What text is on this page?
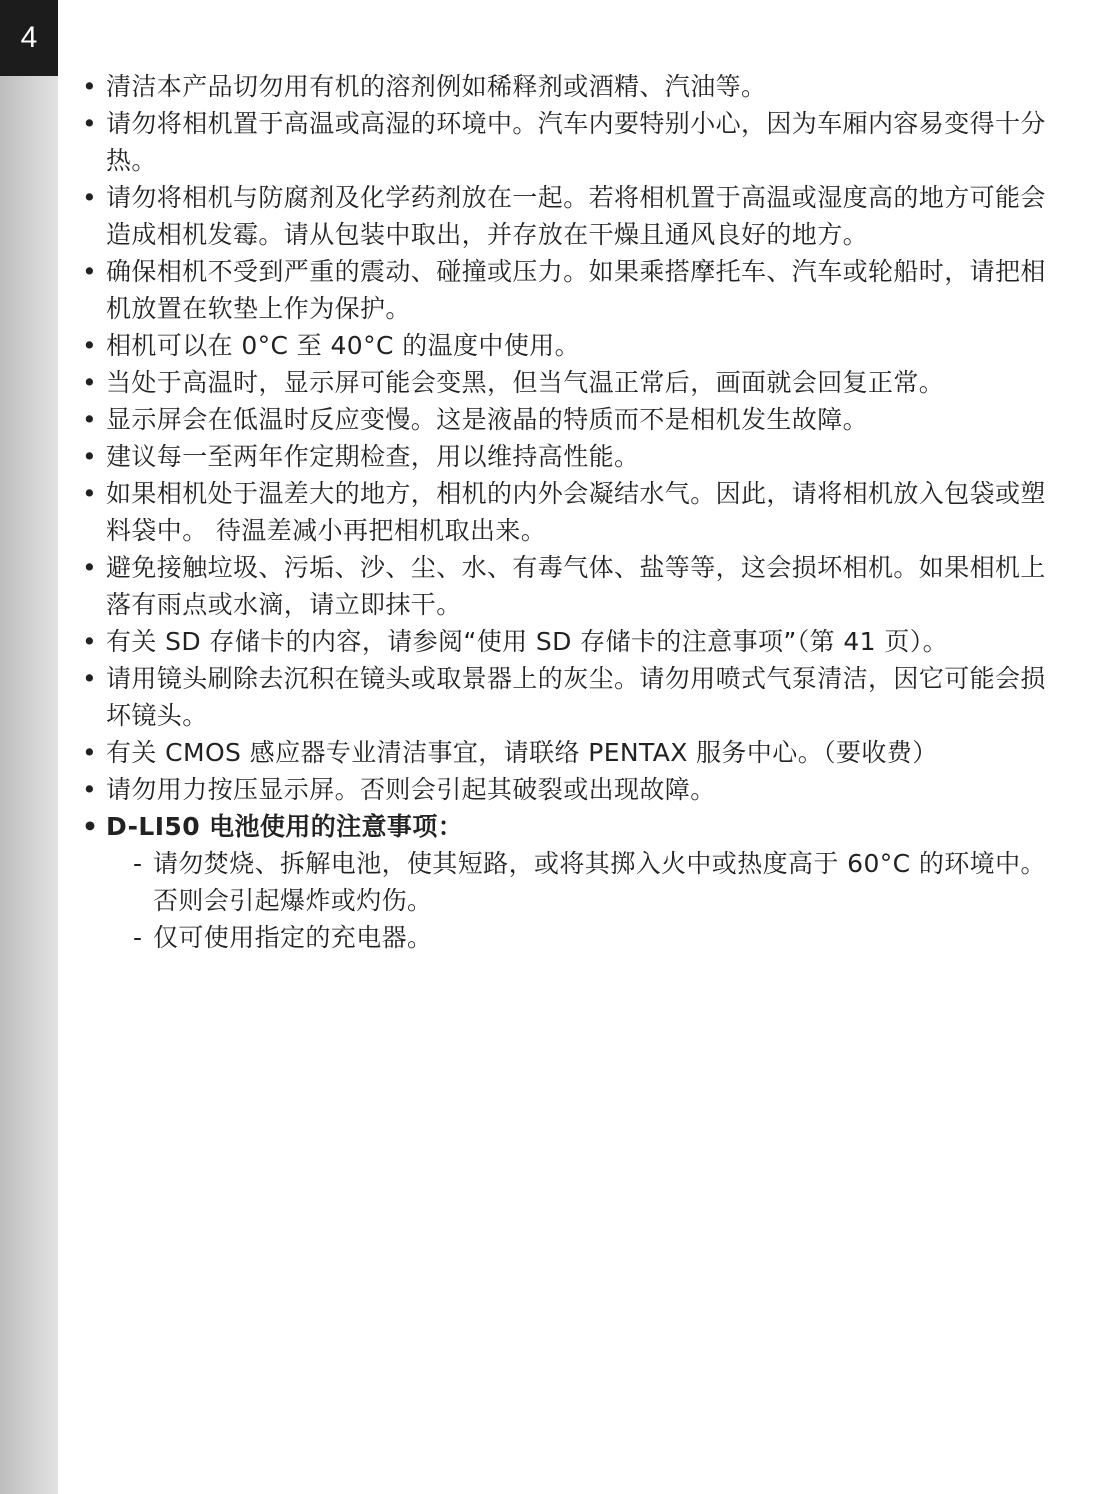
4
• 清洁本产品切勿用有机的溶剂例如稀释剂或酒精、汽油等。
• 请勿将相机置于高温或高湿的环境中。汽车内要特别小心，因为车厢内容易变得十分热。
• 请勿将相机与防腐剂及化学药剂放在一起。若将相机置于高温或湿度高的地方可能会造成相机发霉。请从包装中取出，并存放在干燥且通风良好的地方。
• 确保相机不受到严重的震动、碰撞或压力。如果乘搭摩托车、汽车或轮船时，请把相机放置在软垫上作为保护。
• 相机可以在 0°C 至 40°C 的温度中使用。
• 当处于高温时，显示屏可能会变黑，但当气温正常后，画面就会回复正常。
• 显示屏会在低温时反应变慢。这是液晶的特质而不是相机发生故障。
• 建议每一至两年作定期检查，用以维持高性能。
• 如果相机处于温差大的地方，相机的内外会凝结水气。因此，请将相机放入包袋或塑料袋中。 待温差减小再把相机取出来。
• 避免接触垃圾、污垢、沙、尘、水、有毒气体、盐等等，这会损坏相机。如果相机上落有雨点或水滴，请立即抹干。
• 有关 SD 存储卡的内容，请参阅“使用 SD 存储卡的注意事项”（第 41 页）。
• 请用镜头刷除去沉积在镜头或取景器上的灰尘。请勿用喷式气泵清洁，因它可能会损坏镜头。
• 有关 CMOS 感应器专业清洁事宜，请联络 PENTAX 服务中心。（要收费）
• 请勿用力按压显示屏。否则会引起其破裂或出现故障。
• D-LI50 电池使用的注意事项：
- 请勿焚烧、拆解电池，使其短路，或将其掷入火中或热度高于 60°C 的环境中。否则会引起爆炸或灼伤。
- 仅可使用指定的充电器。
